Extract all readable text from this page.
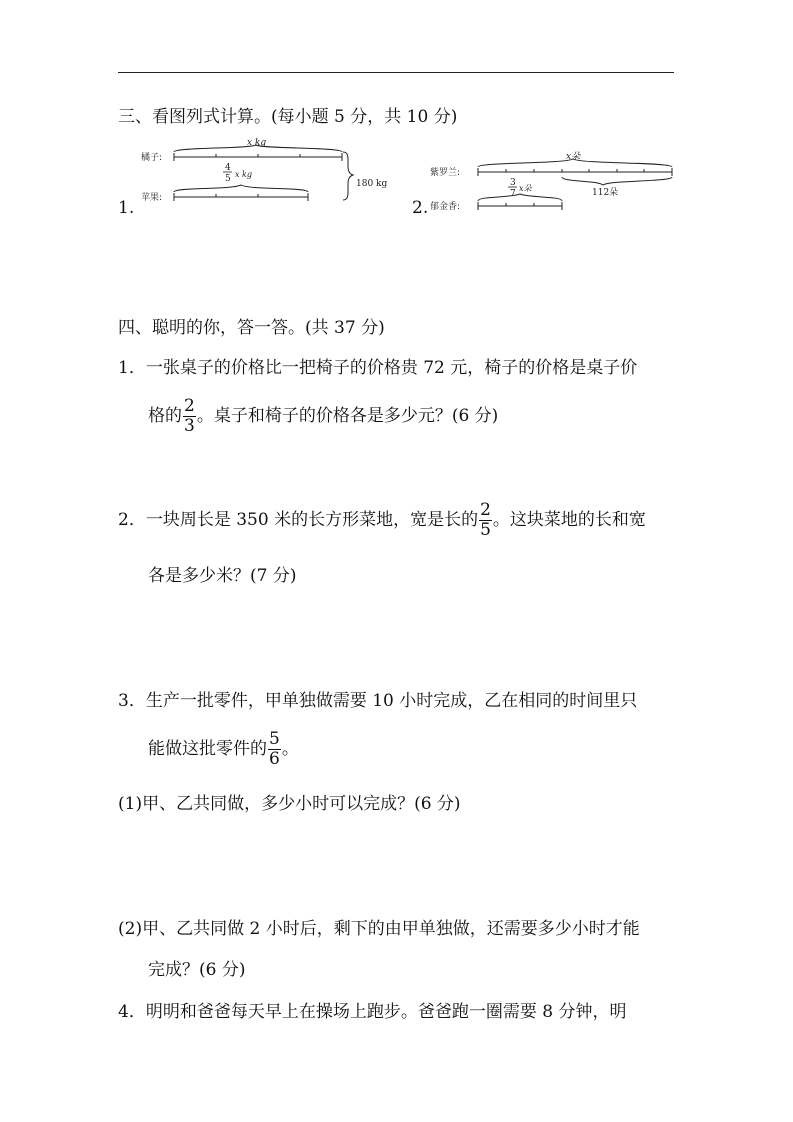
三、看图列式计算。(每小题 5 分，共 10 分)
1.
橘子:
苹果:
x kg
4
5 x kg
180 kg
2.
紫罗兰:
郁金香:
x朵
3
7
x朵	112朵
四、聪明的你，答一答。(共 37 分)
1．一张桌子的价格比一把椅子的价格贵 72 元，椅子的价格是桌子价
格的 $\frac{2}{3}$ 。桌子和椅子的价格各是多少元？(6 分)
2．一块周长是 350 米的长方形菜地，宽是长的 $\frac{2}{5}$ 。这块菜地的长和宽
各是多少米？(7 分)
3．生产一批零件，甲单独做需要 10 小时完成，乙在相同的时间里只
能做这批零件的 $\frac{5}{6}$ 。
(1)甲、乙共同做，多少小时可以完成？(6 分)
(2)甲、乙共同做 2 小时后，剩下的由甲单独做，还需要多少小时才能
完成？(6 分)
4．明明和爸爸每天早上在操场上跑步。爸爸跑一圈需要 8 分钟，明
